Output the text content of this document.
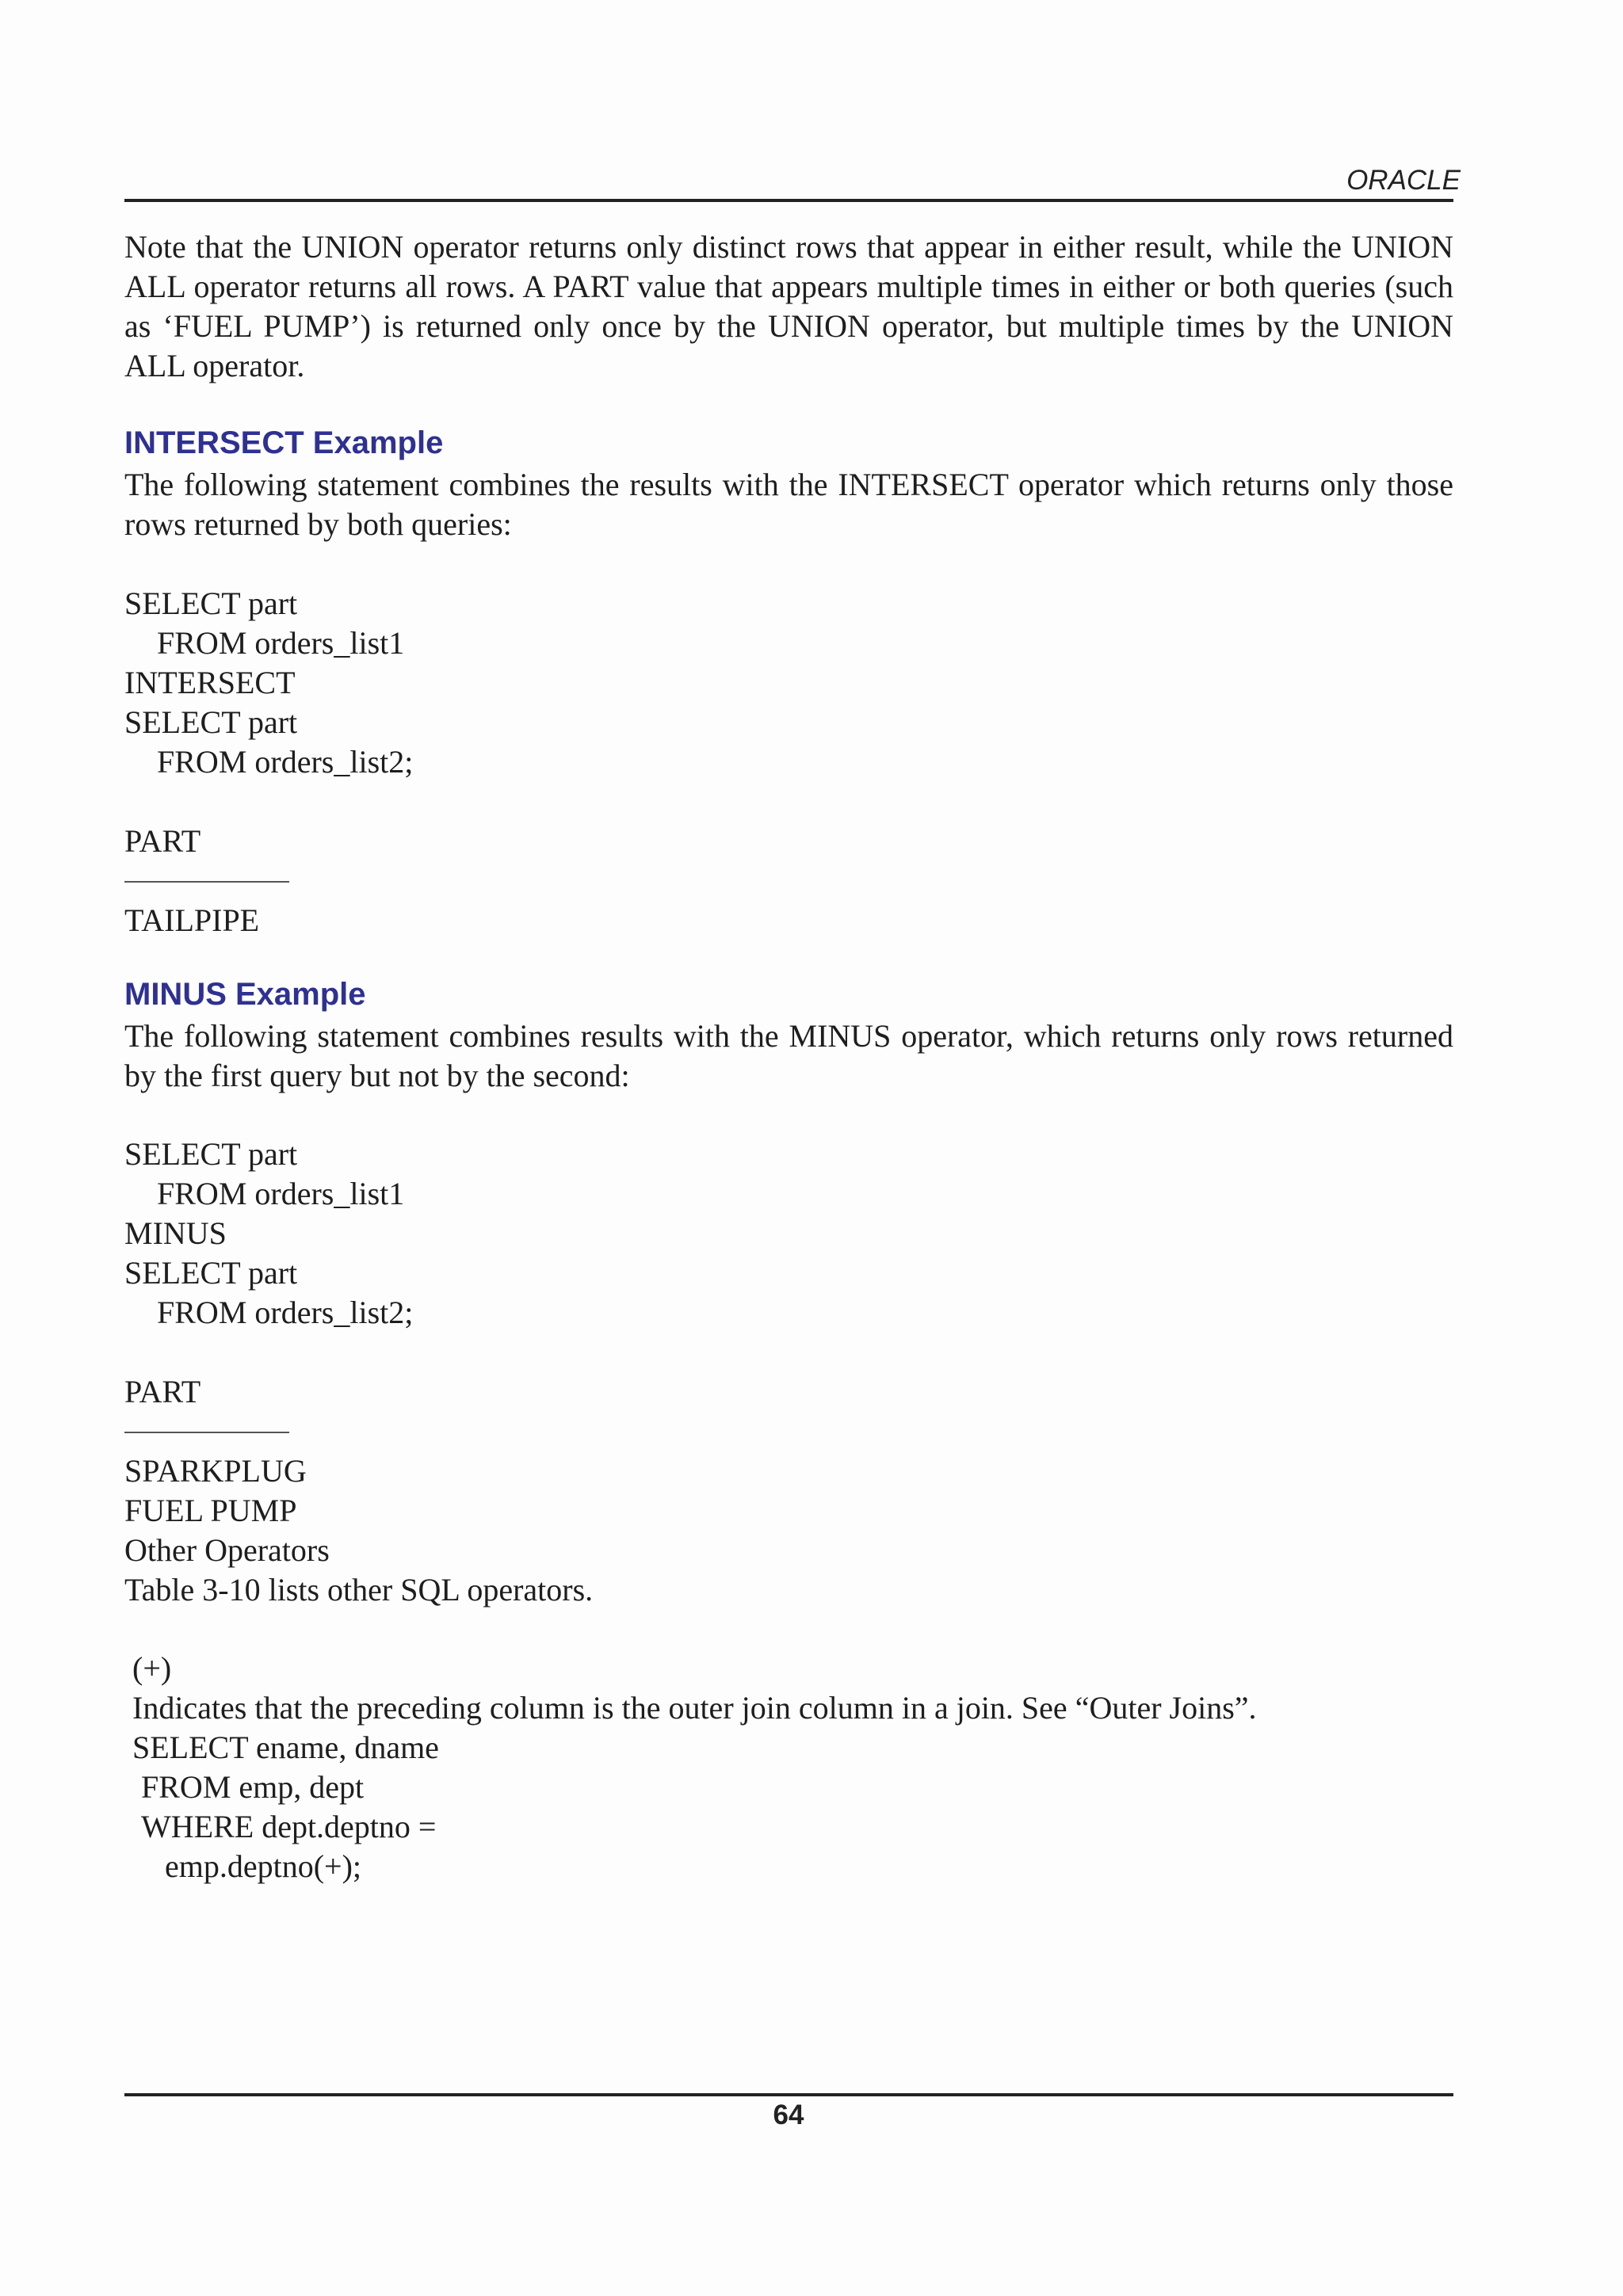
ORACLE
Note that the UNION operator returns only distinct rows that appear in either result, while the UNION ALL operator returns all rows. A PART value that appears multiple times in either or both queries (such as ‘FUEL PUMP’) is returned only once by the UNION operator, but multiple times by the UNION ALL operator.
INTERSECT Example
The following statement combines the results with the INTERSECT operator which returns only those rows returned by both queries:
SELECT part
FROM orders_list1
INTERSECT
SELECT part
FROM orders_list2;
PART
TAILPIPE
MINUS Example
The following statement combines results with the MINUS operator, which returns only rows returned by the first query but not by the second:
SELECT part
FROM orders_list1
MINUS
SELECT part
FROM orders_list2;
PART
SPARKPLUG
FUEL PUMP
Other Operators
Table 3-10 lists other SQL operators.
(+)
Indicates that the preceding column is the outer join column in a join. See “Outer Joins”.
SELECT ename, dname
FROM emp, dept
WHERE dept.deptno =
emp.deptno(+);
64
